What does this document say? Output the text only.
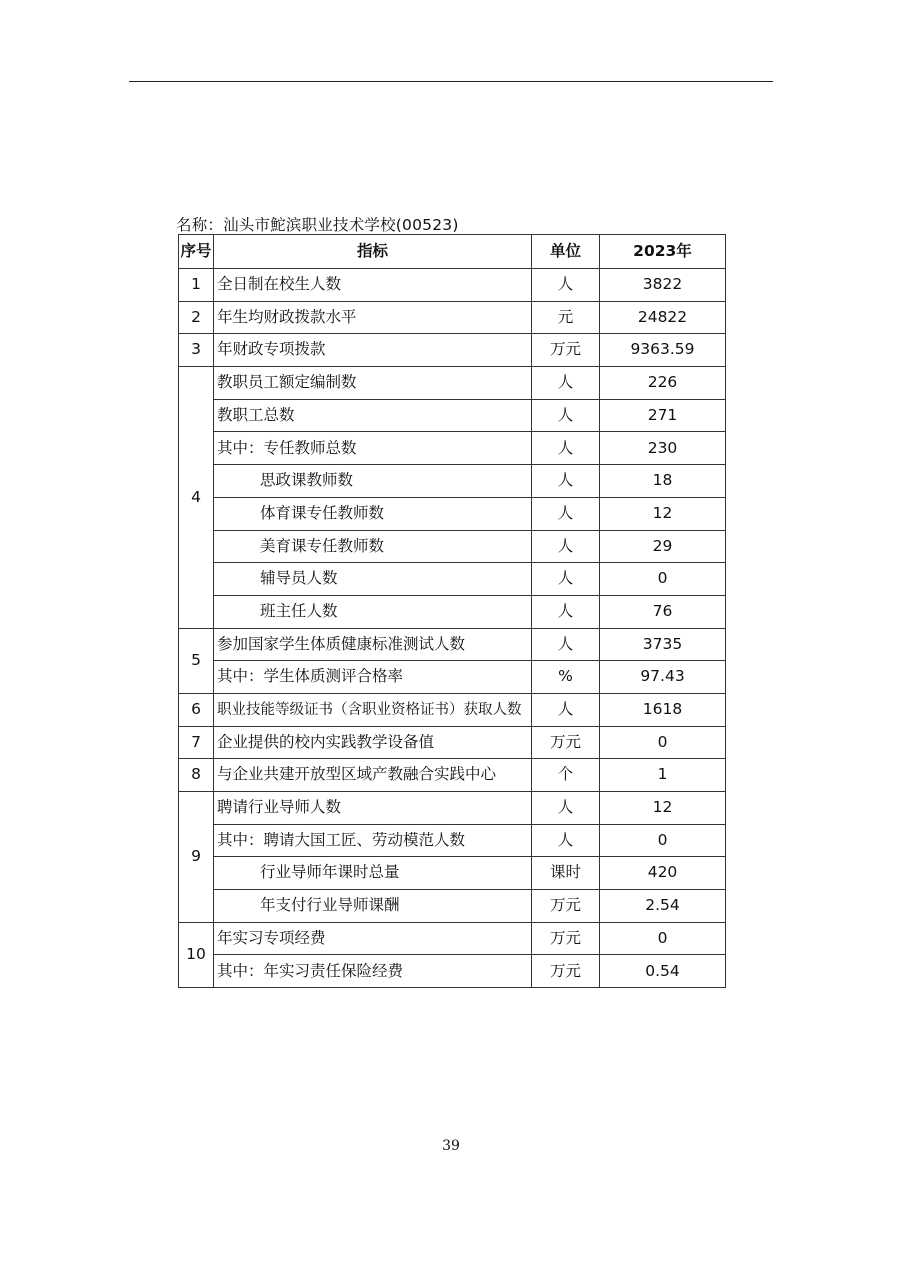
名称：汕头市鮀滨职业技术学校(00523)
序号	指标	单位	2023年
1	全日制在校生人数	人	3822
2	年生均财政拨款水平	元	24822
3	年财政专项拨款	万元	9363.59
4	教职员工额定编制数	人	226
	教职工总数	人	271
	其中：专任教师总数	人	230
	思政课教师数	人	18
	体育课专任教师数	人	12
	美育课专任教师数	人	29
	辅导员人数	人	0
	班主任人数	人	76
5	参加国家学生体质健康标准测试人数	人	3735
	其中：学生体质测评合格率	%	97.43
6	职业技能等级证书（含职业资格证书）获取人数	人	1618
7	企业提供的校内实践教学设备值	万元	0
8	与企业共建开放型区域产教融合实践中心	个	1
9	聘请行业导师人数	人	12
	其中：聘请大国工匠、劳动模范人数	人	0
	行业导师年课时总量	课时	420
	年支付行业导师课酬	万元	2.54
10	年实习专项经费	万元	0
	其中：年实习责任保险经费	万元	0.54
39
